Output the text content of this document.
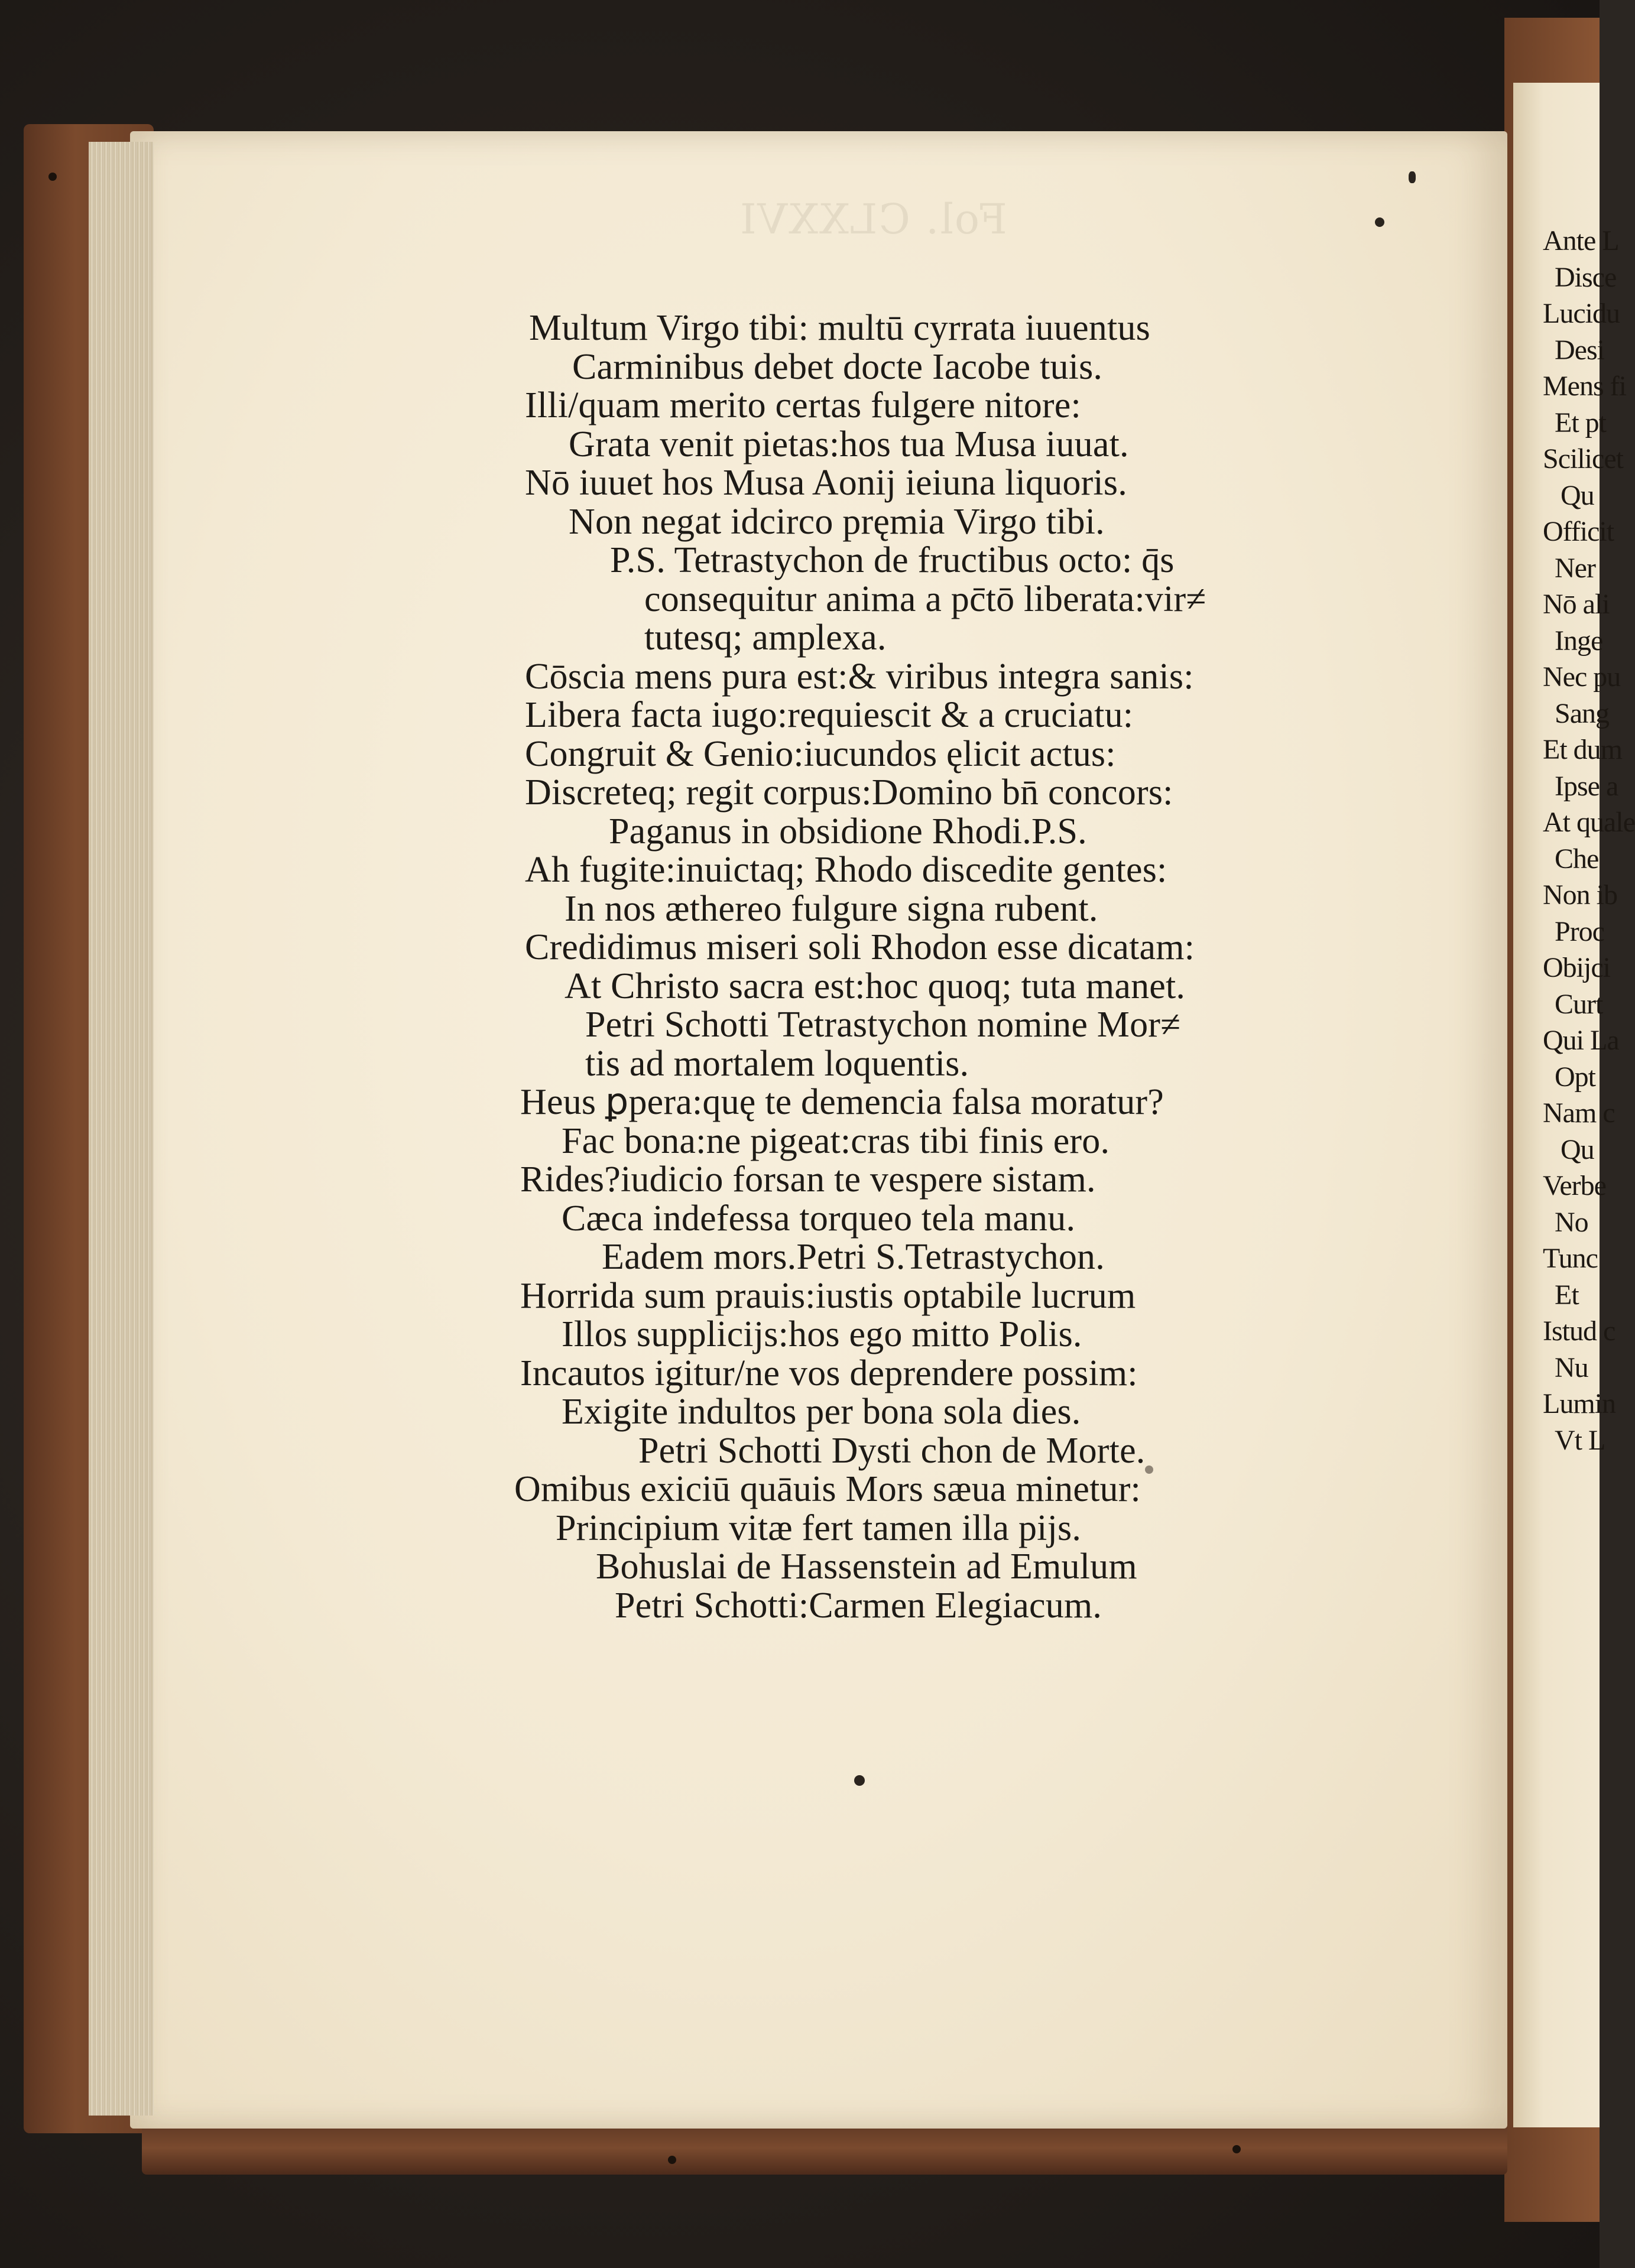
Ante L
Disce
Lucidu
Desi
Mens fi
Et pt
Scilicet
Qu
Officit
Ner
Nō ali
Inge
Nec pu
Sang
Et dum
Ipse a
At quale
Che
Non ib
Proc
Obijci
Curt
Qui La
Opt
Nam c
Qu
Verbe
No
Tunc
Et
Istud c
Nu
Lumin
Vt L
Fol. CLXXVI
Multum Virgo tibi: multū cyrrata iuuentus
Carminibus debet docte Iacobe tuis.
Illi/quam merito certas fulgere nitore:
Grata venit pietas:hos tua Musa iuuat.
Nō iuuet hos Musa Aonij ieiuna liquoris.
Non negat idcirco pręmia Virgo tibi.
P.S. Tetrastychon de fructibus octo: q̄s
consequitur anima a pc̄tō liberata:vir≠
tutesq; amplexa.
Cōscia mens pura est:& viribus integra sanis:
Libera facta iugo:requiescit & a cruciatu:
Congruit & Genio:iucundos ęlicit actus:
Discreteq; regit corpus:Domino bn̄ concors:
Paganus in obsidione Rhodi.P.S.
Ah fugite:inuictaq; Rhodo discedite gentes:
In nos æthereo fulgure signa rubent.
Credidimus miseri soli Rhodon esse dicatam:
At Christo sacra est:hoc quoq; tuta manet.
Petri Schotti Tetrastychon nomine Mor≠
tis ad mortalem loquentis.
Heus ꝑpera:quę te demencia falsa moratur?
Fac bona:ne pigeat:cras tibi finis ero.
Rides?iudicio forsan te vespere sistam.
Cæca indefessa torqueo tela manu.
Eadem mors.Petri S.Tetrastychon.
Horrida sum prauis:iustis optabile lucrum
Illos supplicijs:hos ego mitto Polis.
Incautos igitur/ne vos deprendere possim:
Exigite indultos per bona sola dies.
Petri Schotti Dysti chon de Morte.
Omibus exiciū quāuis Mors sæua minetur:
Principium vitæ fert tamen illa pijs.
Bohuslai de Hassenstein ad Emulum
Petri Schotti:Carmen Elegiacum.
